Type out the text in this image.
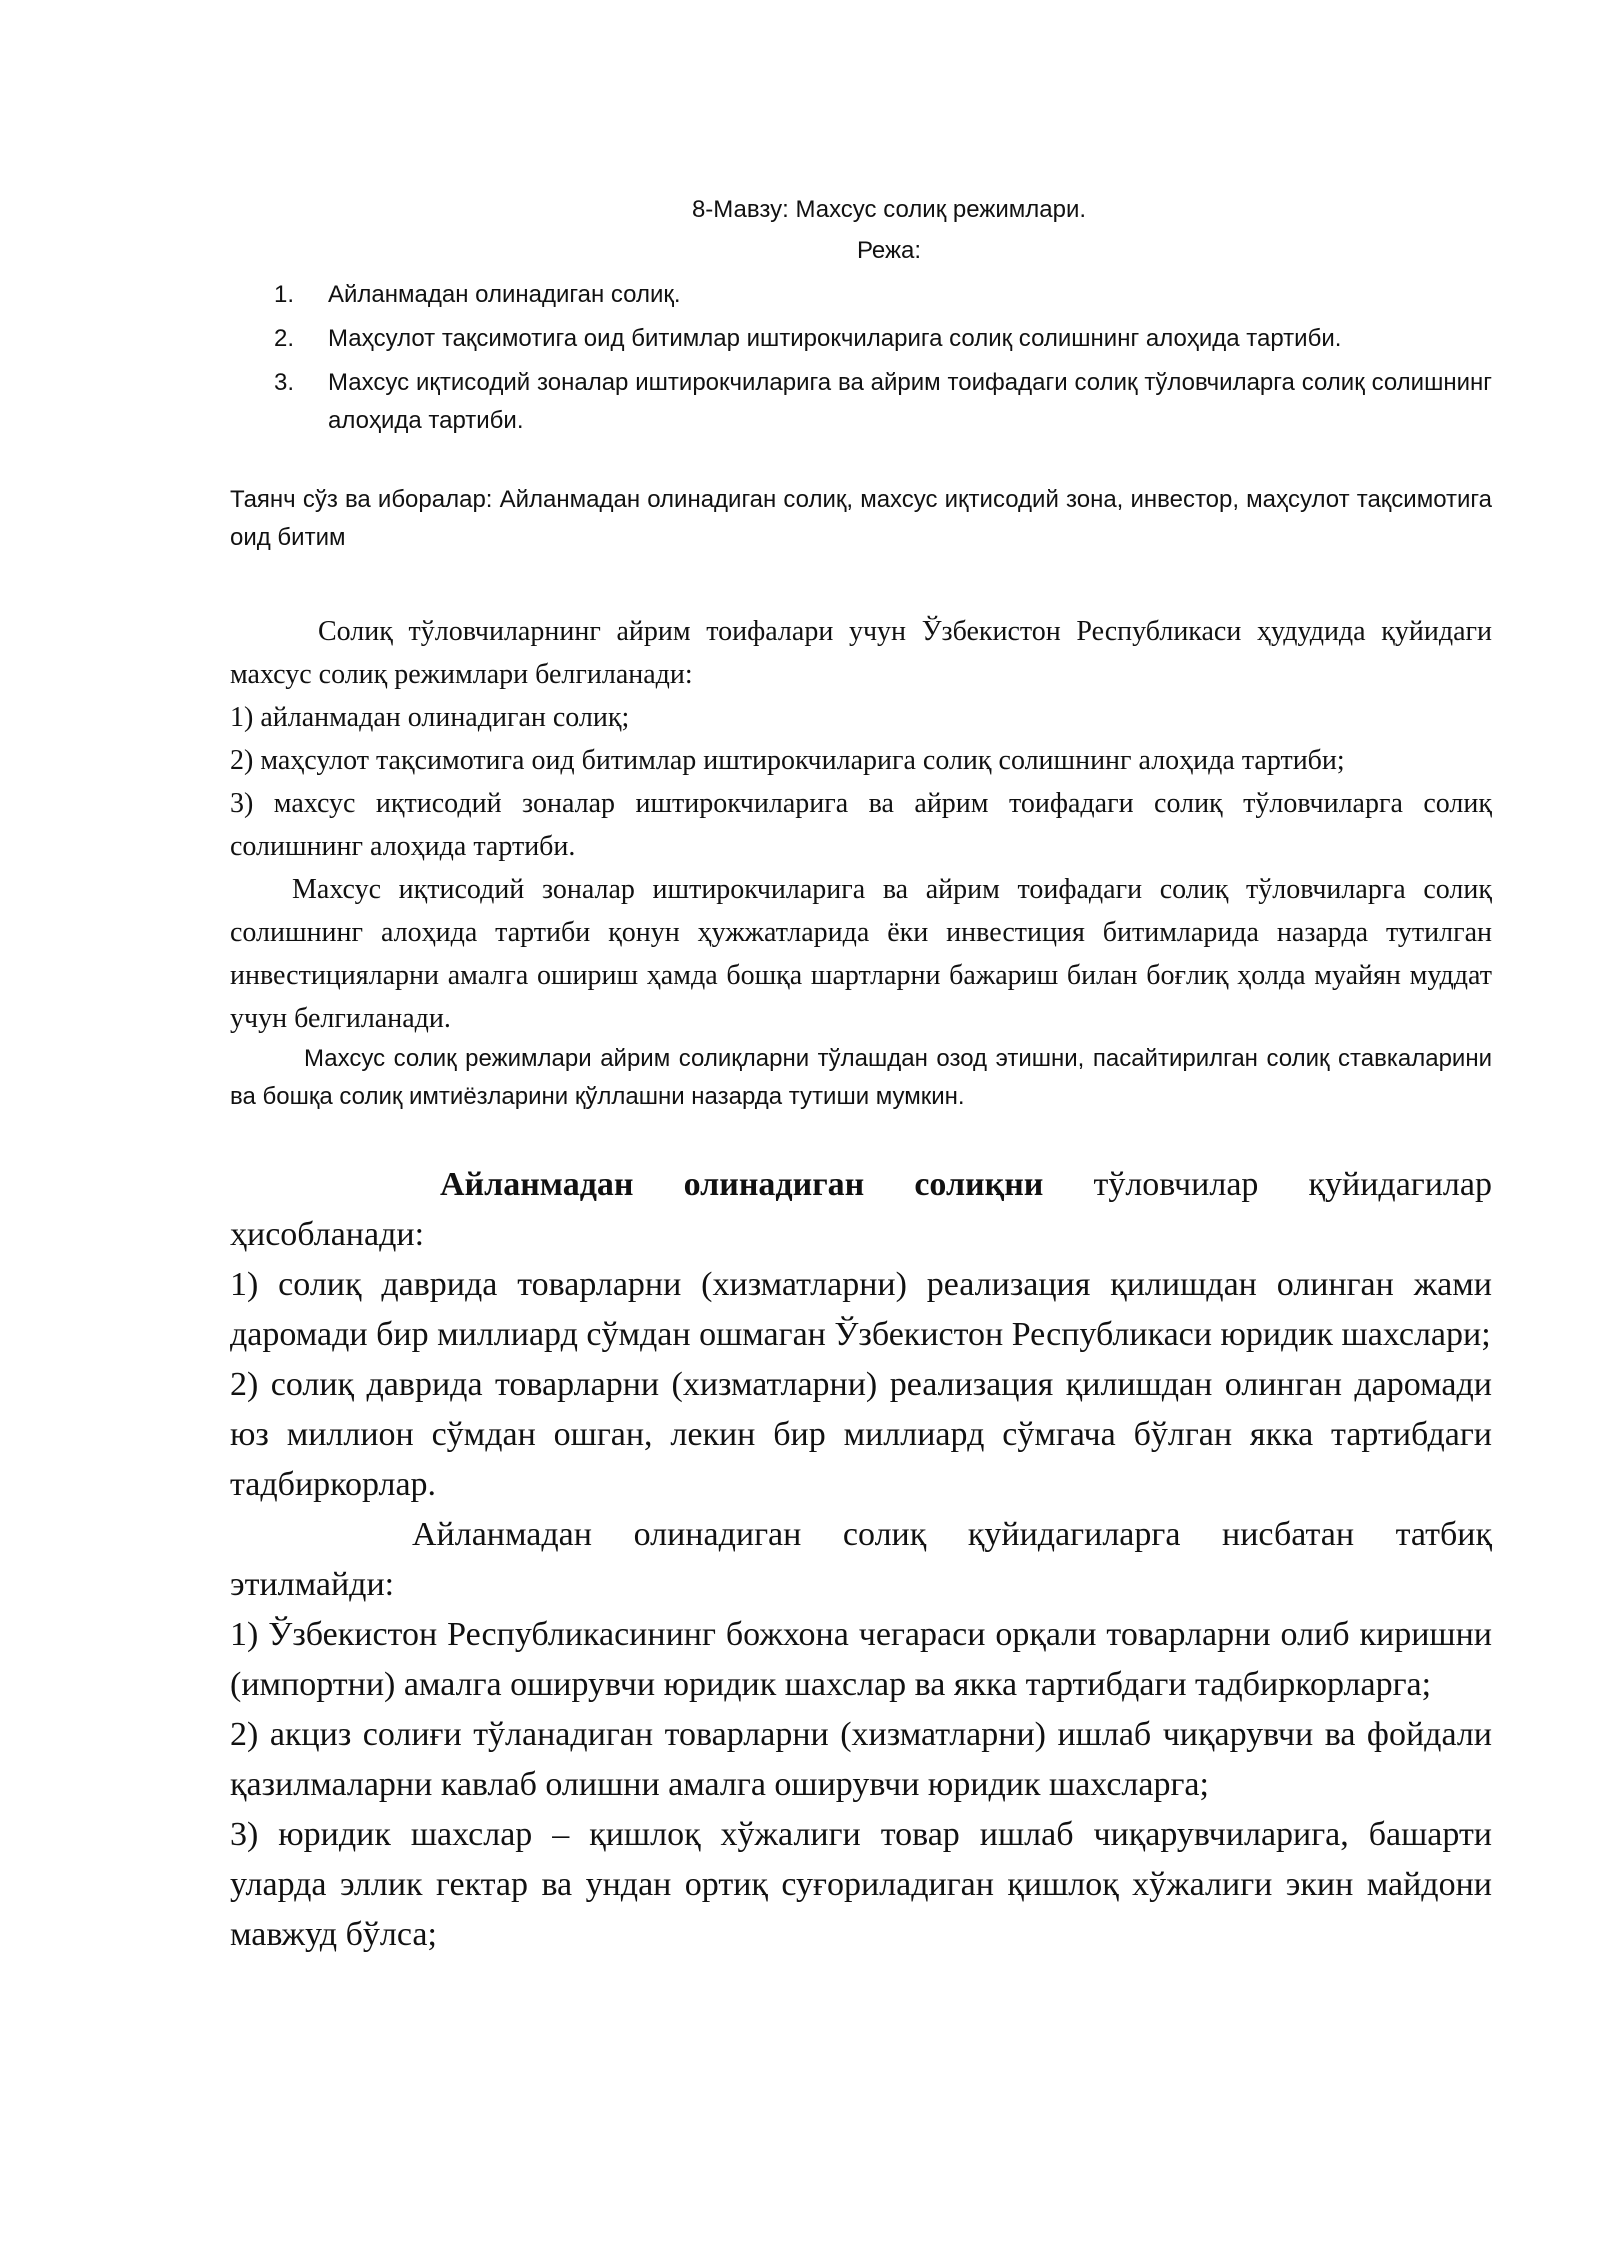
8-Мавзу: Махсус солиқ режимлари.
Режа:
1. Айланмадан олинадиган солиқ.
2. Маҳсулот тақсимотига оид битимлар иштирокчиларига солиқ солишнинг алоҳида тартиби.
3. Махсус иқтисодий зоналар иштирокчиларига ва айрим тоифадаги солиқ тўловчиларга солиқ солишнинг алоҳида тартиби.
Таянч сўз ва иборалар: Айланмадан олинадиган солиқ, махсус иқтисодий зона, инвестор, маҳсулот тақсимотига оид битим

Солиқ тўловчиларнинг айрим тоифалари учун Ўзбекистон Республикаси ҳудудида қуйидаги махсус солиқ режимлари белгиланади:

1) айланмадан олинадиган солиқ;

2) маҳсулот тақсимотига оид битимлар иштирокчиларига солиқ солишнинг алоҳида тартиби;

3) махсус иқтисодий зоналар иштирокчиларига ва айрим тоифадаги солиқ тўловчиларга солиқ солишнинг алоҳида тартиби.

Махсус иқтисодий зоналар иштирокчиларига ва айрим тоифадаги солиқ тўловчиларга солиқ солишнинг алоҳида тартиби қонун ҳужжатларида ёки инвестиция битимларида назарда тутилган инвестицияларни амалга ошириш ҳамда бошқа шартларни бажариш билан боғлиқ ҳолда муайян муддат учун белгиланади.

Махсус солиқ режимлари айрим солиқларни тўлашдан озод этишни, пасайтирилган солиқ ставкаларини ва бошқа солиқ имтиёзларини қўллашни назарда тутиши мумкин.

Айланмадан олинадиган солиқни тўловчилар қуйидагилар ҳисобланади:

1) солиқ даврида товарларни (хизматларни) реализация қилишдан олинган жами даромади бир миллиард сўмдан ошмаган Ўзбекистон Республикаси юридик шахслари;

2) солиқ даврида товарларни (хизматларни) реализация қилишдан олинган даромади юз миллион сўмдан ошган, лекин бир миллиард сўмгача бўлган якка тартибдаги тадбиркорлар.

Айланмадан олинадиган солиқ қуйидагиларга нисбатан татбиқ этилмайди:

1) Ўзбекистон Республикасининг божхона чегараси орқали товарларни олиб киришни (импортни) амалга оширувчи юридик шахслар ва якка тартибдаги тадбиркорларга;

2) акциз солиғи тўланадиган товарларни (хизматларни) ишлаб чиқарувчи ва фойдали қазилмаларни кавлаб олишни амалга оширувчи юридик шахсларга;

3) юридик шахслар – қишлоқ хўжалиги товар ишлаб чиқарувчиларига, башарти уларда эллик гектар ва ундан ортиқ суғориладиган қишлоқ хўжалиги экин майдони мавжуд бўлса;
